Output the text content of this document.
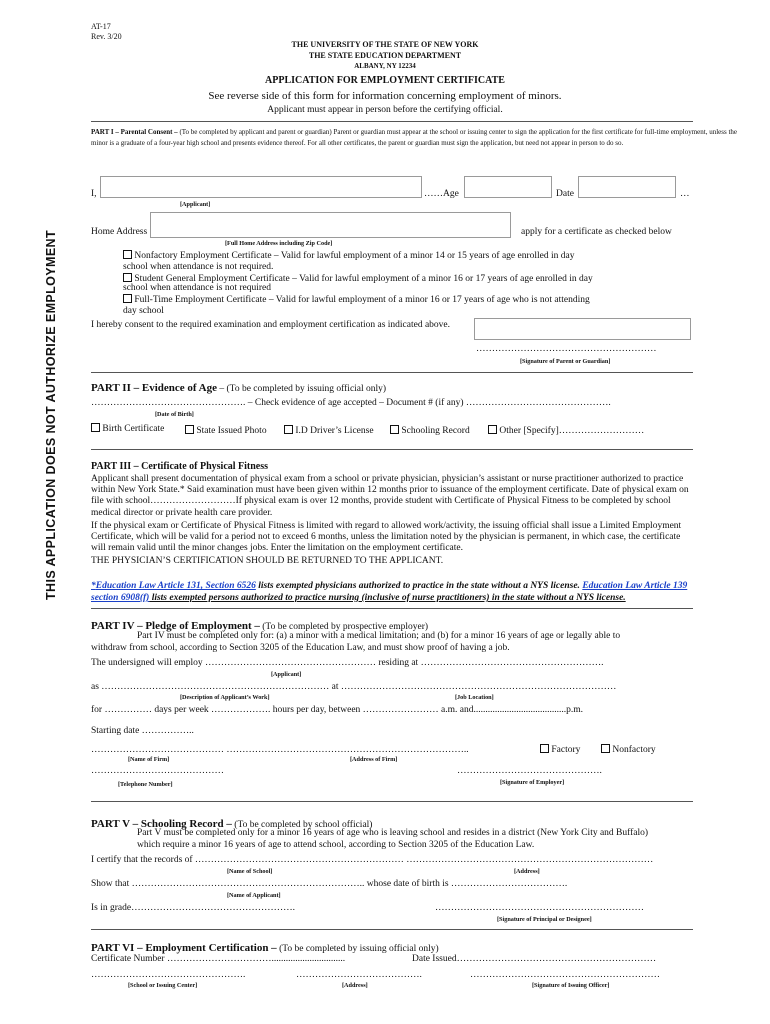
AT-17
Rev. 3/20
THE UNIVERSITY OF THE STATE OF NEW YORK
THE STATE EDUCATION DEPARTMENT
ALBANY, NY 12234
APPLICATION FOR EMPLOYMENT CERTIFICATE
See reverse side of this form for information concerning employment of minors.
Applicant must appear in person before the certifying official.
THIS APPLICATION DOES NOT AUTHORIZE EMPLOYMENT
PART I – Parental Consent – (To be completed by applicant and parent or guardian) Parent or guardian must appear at the school or issuing center to sign the application for the first certificate for full-time employment, unless the minor is a graduate of a four-year high school and presents evidence thereof. For all other certificates, the parent or guardian must sign the application, but need not appear in person to do so.
I,	……Age	Date	…
[Applicant]
Home Address	apply for a certificate as checked below
[Full Home Address including Zip Code]
Nonfactory Employment Certificate – Valid for lawful employment of a minor 14 or 15 years of age enrolled in day
school when attendance is not required.
Student General Employment Certificate – Valid for lawful employment of a minor 16 or 17 years of age enrolled in day
school when attendance is not required
Full-Time Employment Certificate – Valid for lawful employment of a minor 16 or 17 years of age who is not attending
day school
I hereby consent to the required examination and employment certification as indicated above.
…………………………………………………
[Signature of Parent or Guardian]
PART II – Evidence of Age – (To be completed by issuing official only)
…………………………………………. – Check evidence of age accepted – Document # (if any) ……………………………………….
[Date of Birth]
Birth Certificate	State Issued Photo	I.D Driver’s License	Schooling Record	Other [Specify]………………………
PART III – Certificate of Physical Fitness
Applicant shall present documentation of physical exam from a school or private physician, physician’s assistant or nurse practitioner authorized to practice within New York State.* Said examination must have been given within 12 months prior to issuance of the employment certificate. Date of physical exam on file with school………………………If physical exam is over 12 months, provide student with Certificate of Physical Fitness to be completed by school medical director or private health care provider.
If the physical exam or Certificate of Physical Fitness is limited with regard to allowed work/activity, the issuing official shall issue a Limited Employment Certificate, which will be valid for a period not to exceed 6 months, unless the limitation noted by the physician is permanent, in which case, the certificate will remain valid until the minor changes jobs. Enter the limitation on the employment certificate.
THE PHYSICIAN’S CERTIFICATION SHOULD BE RETURNED TO THE APPLICANT.
*Education Law Article 131, Section 6526 lists exempted physicians authorized to practice in the state without a NYS license. Education Law Article 139 section 6908(f) lists exempted persons authorized to practice nursing (inclusive of nurse practitioners) in the state without a NYS license.
PART IV – Pledge of Employment – (To be completed by prospective employer)
Part IV must be completed only for: (a) a minor with a medical limitation; and (b) for a minor 16 years of age or legally able to
withdraw from school, according to Section 3205 of the Education Law, and must show proof of having a job.
The undersigned will employ ……………………………………………… residing at ………………………………………………….
[Applicant]
as ……………………………………………………………… at ……………………………………………………………………………
[Description of Applicant’s Work]	[Job Location]
for …………… days per week ………………. hours per day, between …………………… a.m. and.......................................p.m.
Starting date ……………..
…………………………………… …………………………………………………………………..	Factory	Nonfactory
[Name of Firm]	[Address of Firm]
……………………………………	……………………………………….
[Telephone Number]	[Signature of Employer]
PART V – Schooling Record – (To be completed by school official)
Part V must be completed only for a minor 16 years of age who is leaving school and resides in a district (New York City and Buffalo)
which require a minor 16 years of age to attend school, according to Section 3205 of the Education Law.
I certify that the records of ………………………………………………………… ……………………………………………………………………
[Name of School]	[Address]
Show that ……………………………………………………………….. whose date of birth is ……………………………….
[Name of Applicant]
Is in grade…………………………………………….	…………………………………………………………
[Signature of Principal or Designee]
PART VI – Employment Certification – (To be completed by issuing official only)
Certificate Number ……………………………...............................	Date Issued………………………………………………………
………………………………………….	………………………………….	……………………………………………………
[School or Issuing Center]	[Address]	[Signature of Issuing Officer]
